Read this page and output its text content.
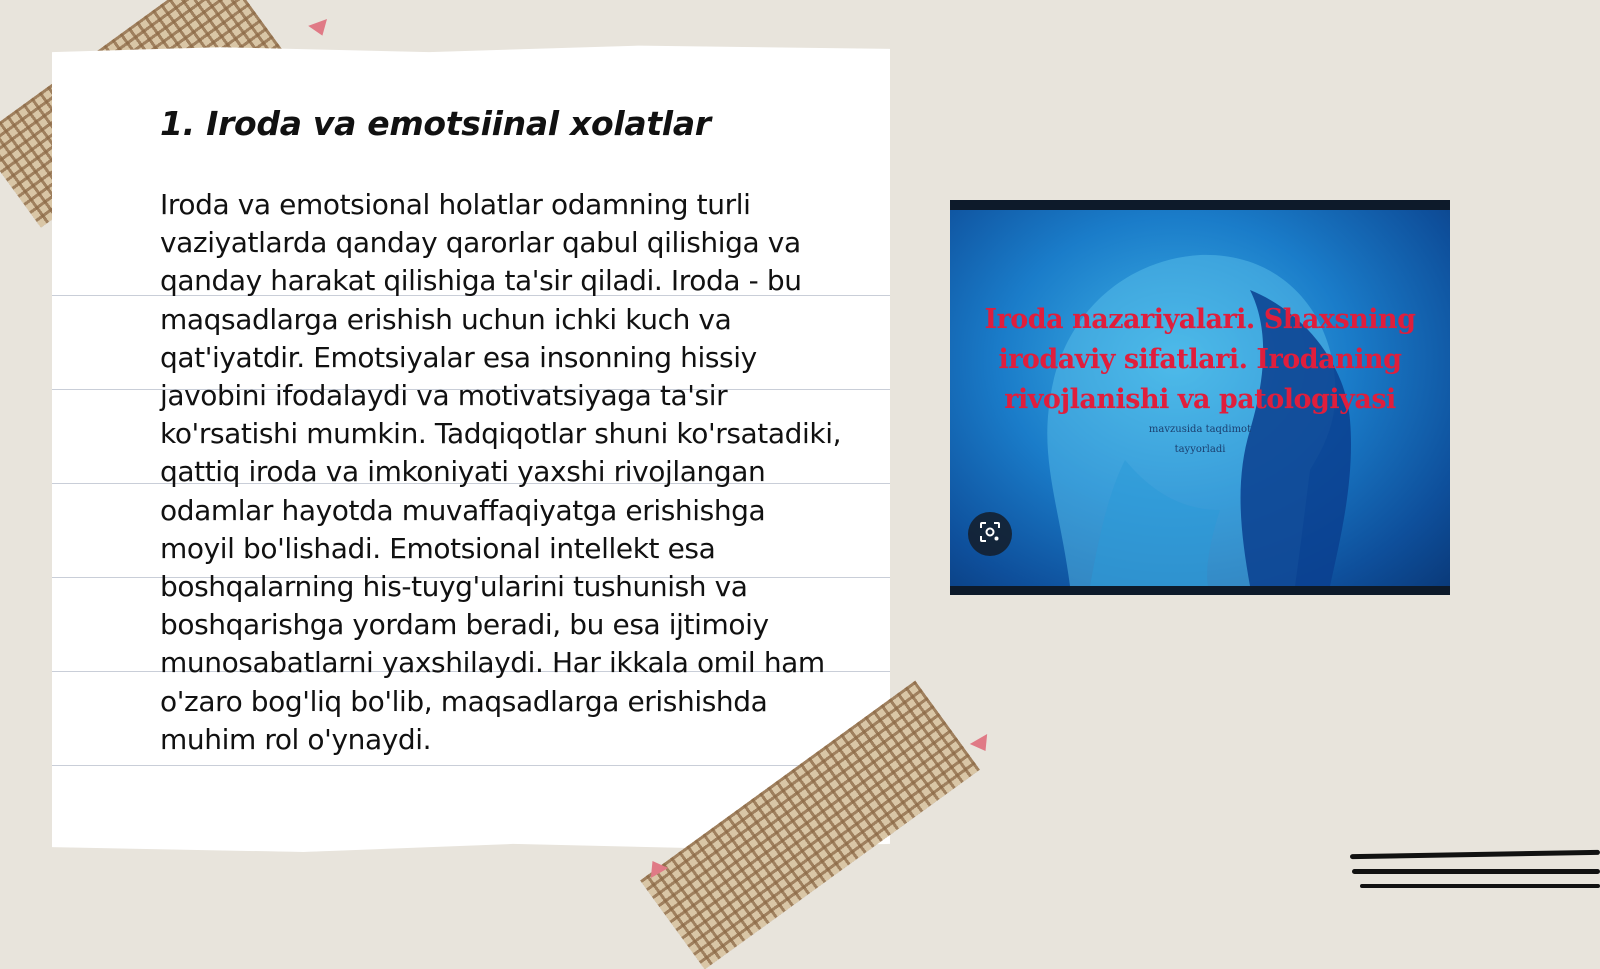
1. Iroda va emotsiinal xolatlar

Iroda va emotsional holatlar odamning turli vaziyatlarda qanday qarorlar qabul qilishiga va qanday harakat qilishiga ta'sir qiladi. Iroda - bu maqsadlarga erishish uchun ichki kuch va qat'iyatdir. Emotsiyalar esa insonning hissiy javobini ifodalaydi va motivatsiyaga ta'sir ko'rsatishi mumkin. Tadqiqotlar shuni ko'rsatadiki, qattiq iroda va imkoniyati yaxshi rivojlangan odamlar hayotda muvaffaqiyatga erishishga moyil bo'lishadi. Emotsional intellekt esa boshqalarning his-tuyg'ularini tushunish va boshqarishga yordam beradi, bu esa ijtimoiy munosabatlarni yaxshilaydi. Har ikkala omil ham o'zaro bog'liq bo'lib, maqsadlarga erishishda muhim rol o'ynaydi.

Iroda nazariyalari. Shaxsning irodaviy sifatlari. Irodaning rivojlanishi va patologiyasi

mavzusida taqdimot
tayyorladi
